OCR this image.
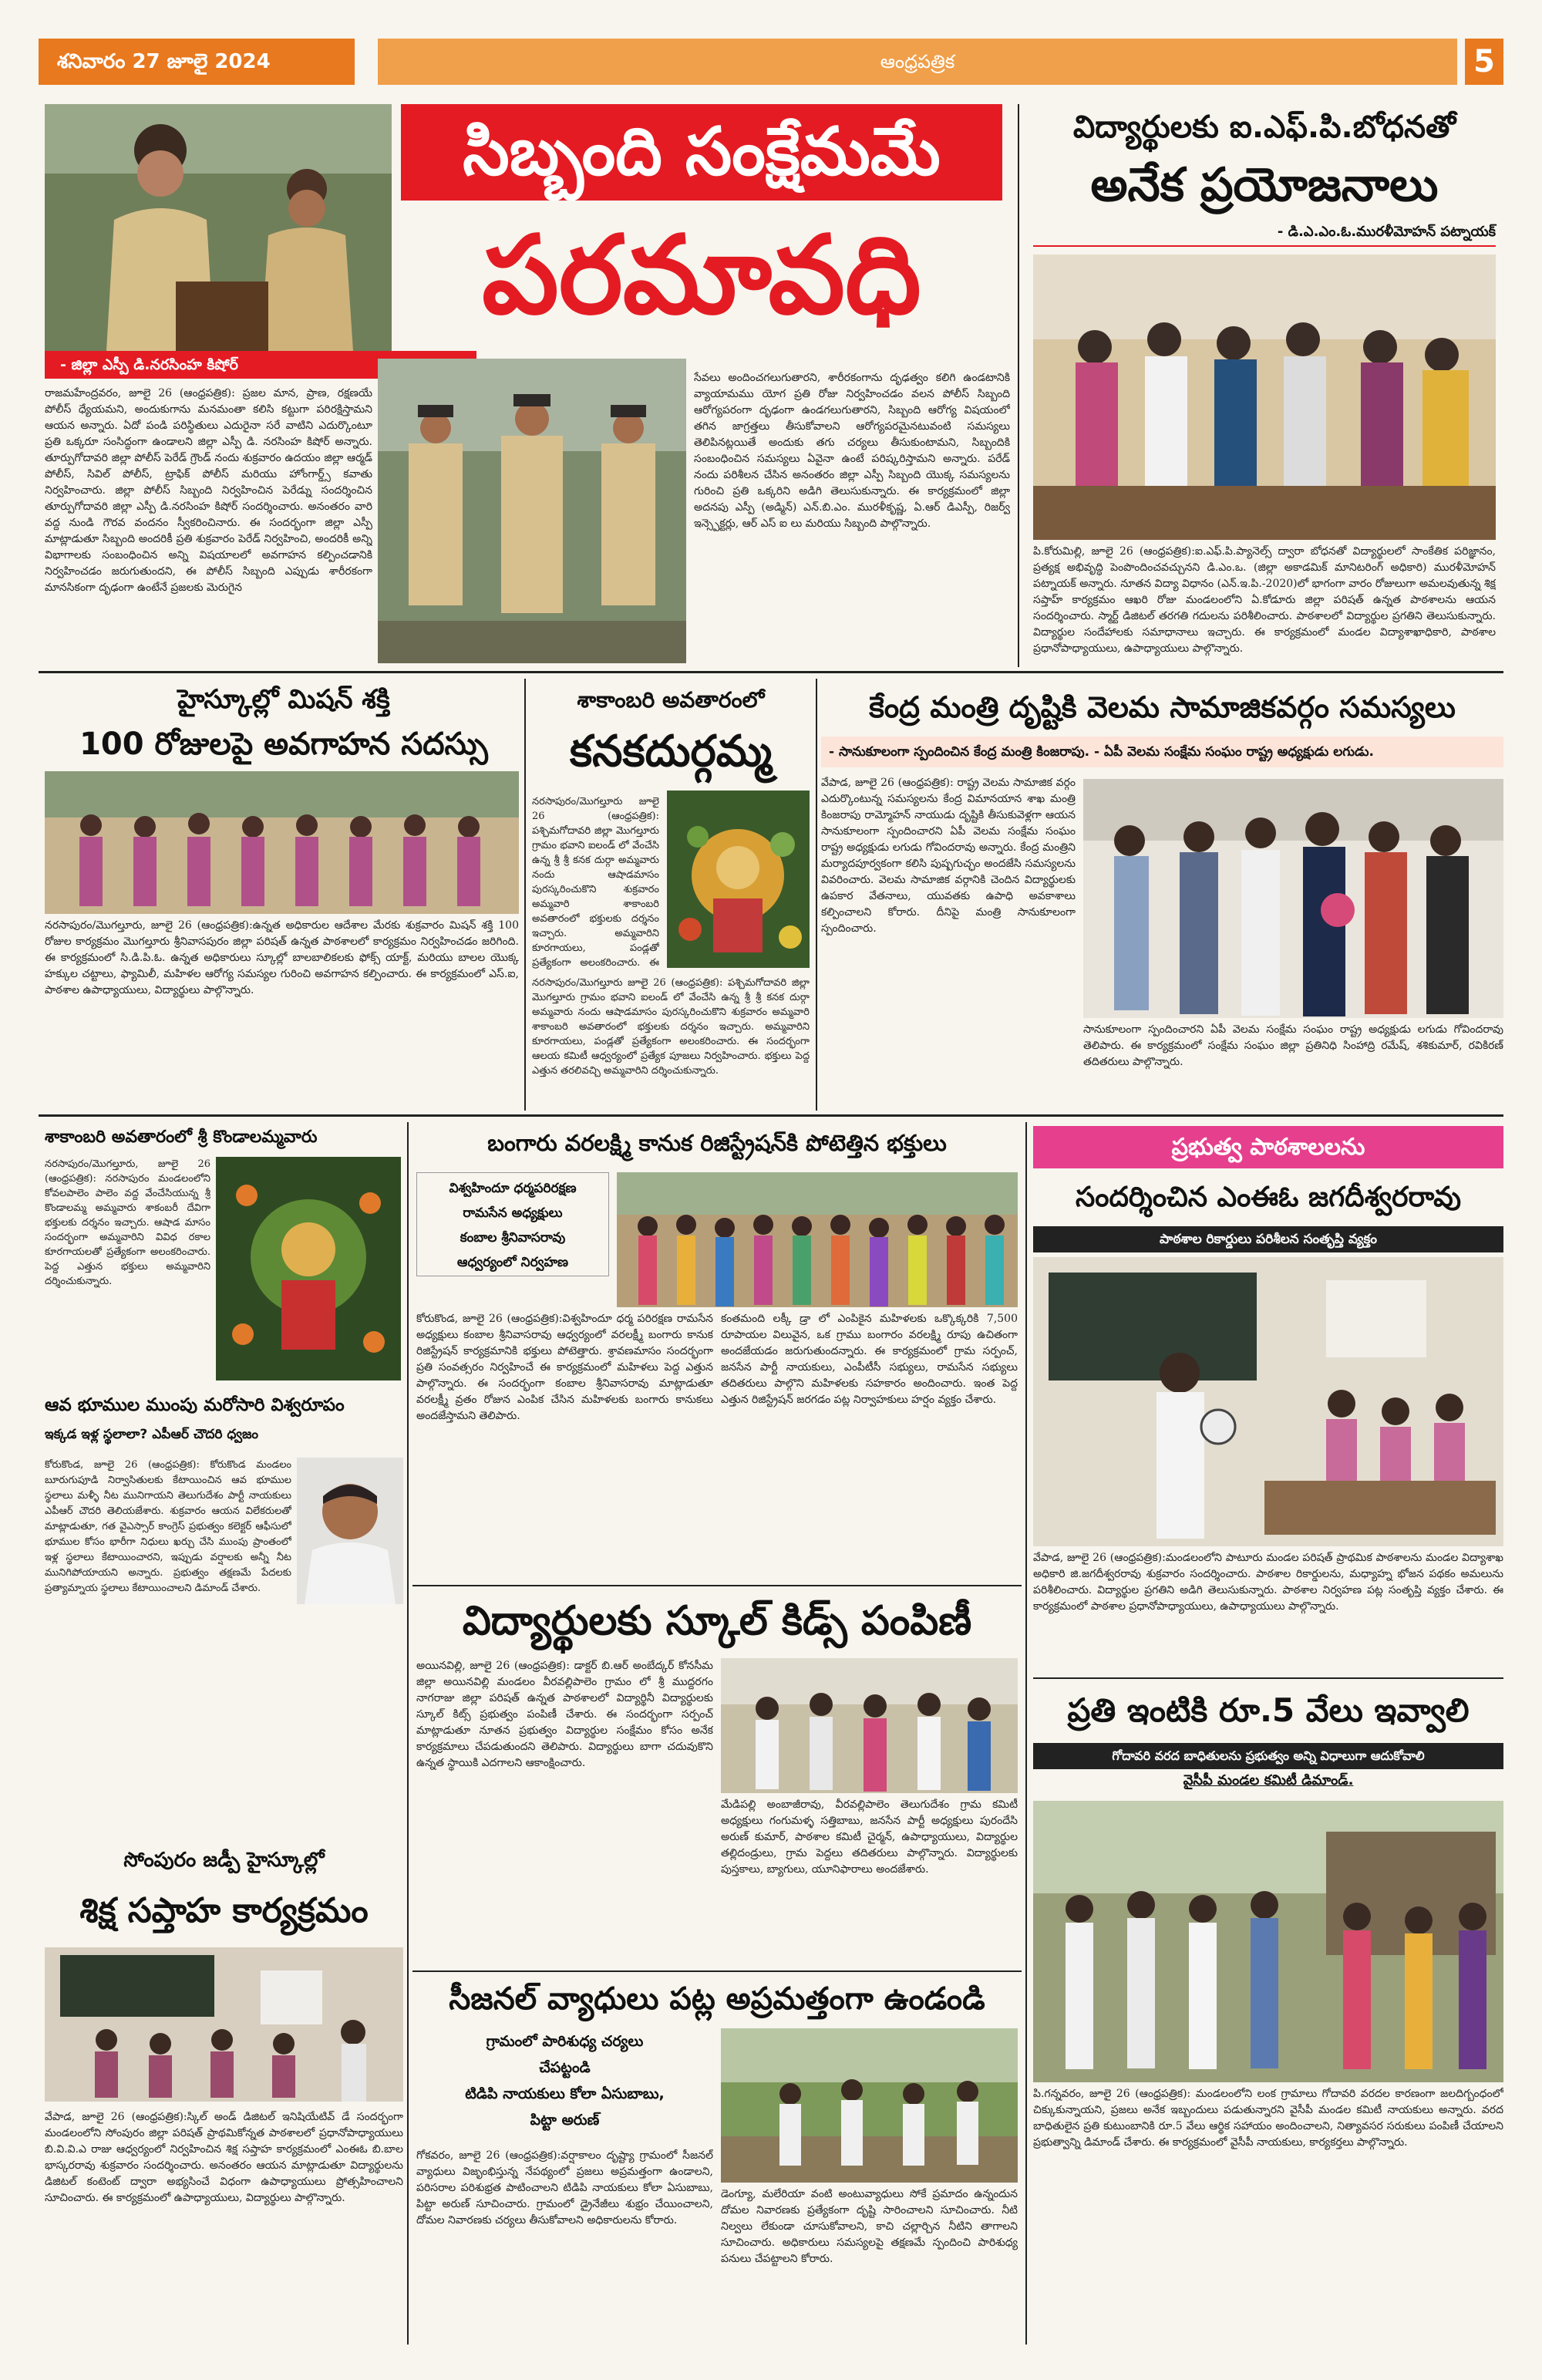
శనివారం 27 జూలై 2024	ఆంధ్రపత్రిక	5
- జిల్లా ఎస్పీ డి.నరసింహ కిషోర్
సిబ్బంది సంక్షేమమే
పరమావధి
రాజమహేంద్రవరం, జూలై 26 (ఆంధ్రపత్రిక): ప్రజల మాన, ప్రాణ, రక్షణయే పోలీస్ ధ్యేయమని, అందుకుగాను మనమంతా కలిసి కట్టుగా పరిరక్షిస్తామని ఆయన అన్నారు. ఏదో పండి పరిస్థితులు ఎదురైనా సరే వాటిని ఎదుర్కొంటూ ప్రతి ఒక్కరూ సంసిద్ధంగా ఉండాలని జిల్లా ఎస్పీ డి. నరసింహ కిషోర్ అన్నారు. తూర్పుగోదావరి జిల్లా పోలీస్ పెరేడ్ గ్రౌండ్ నందు శుక్రవారం ఉదయం జిల్లా ఆర్మడ్ పోలీస్, సివిల్ పోలీస్, ట్రాఫిక్ పోలీస్ మరియు హోంగార్డ్స్ కవాతు నిర్వహించారు. జిల్లా పోలీస్ సిబ్బంది నిర్వహించిన పెరేడ్ను సందర్శించిన తూర్పుగోదావరి జిల్లా ఎస్పీ డి.నరసింహ కిషోర్ సందర్శించారు. అనంతరం వారి వద్ద నుండి గౌరవ వందనం స్వీకరించినారు. ఈ సందర్భంగా జిల్లా ఎస్పీ మాట్లాడుతూ సిబ్బంది అందరికీ ప్రతి శుక్రవారం పెరేడ్ నిర్వహించి, అందరికీ అన్ని విభాగాలకు సంబంధించిన అన్ని విషయాలలో అవగాహన కల్పించడానికి నిర్వహించడం జరుగుతుందని, ఈ పోలీస్ సిబ్బంది ఎప్పుడు శారీరకంగా మానసికంగా దృఢంగా ఉంటేనే ప్రజలకు మెరుగైన
సేవలు అందించగలుగుతారని, శారీరకంగాను దృఢత్వం కలిగి ఉండటానికి వ్యాయామము యోగ ప్రతి రోజు నిర్వహించడం వలన పోలీస్ సిబ్బంది ఆరోగ్యపరంగా దృఢంగా ఉండగలుగుతారని, సిబ్బంది ఆరోగ్య విషయంలో తగిన జాగ్రత్తలు తీసుకోవాలని ఆరోగ్యపరమైనటువంటి సమస్యలు తెలిపినట్లయితే అందుకు తగు చర్యలు తీసుకుంటామని, సిబ్బందికి సంబంధించిన సమస్యలు ఏవైనా ఉంటే పరిష్కరిస్తామని అన్నారు. పరేడ్ నందు పరిశీలన చేసిన అనంతరం జిల్లా ఎస్పీ సిబ్బంది యొక్క సమస్యలను గురించి ప్రతి ఒక్కరిని అడిగి తెలుసుకున్నారు. ఈ కార్యక్రమంలో జిల్లా అదనపు ఎస్పీ (అడ్మిన్) ఎన్.బి.ఎం. మురళీకృష్ణ, ఏ.ఆర్ డిఎస్పీ, రిజర్వ్ ఇన్స్పెక్టర్లు, ఆర్ ఎస్ ఐ లు మరియు సిబ్బంది పాల్గొన్నారు.
విద్యార్థులకు ఐ.ఎఫ్.పి.బోధనతో
అనేక ప్రయోజనాలు
- డి.ఎ.ఎం.ఓ.మురళీమోహన్ పట్నాయక్
పి.కోరుమిల్లి, జూలై 26 (ఆంధ్రపత్రిక):ఐ.ఎఫ్.పి.ప్యానెల్స్ ద్వారా బోధనతో విద్యార్థులలో సాంకేతిక పరిజ్ఞానం, ప్రత్యక్ష అభివృద్ధి పెంపొందించవచ్చునని డి.ఎం.ఒ. (జిల్లా అకాడమిక్ మానిటరింగ్ అధికారి) మురళీమోహన్ పట్నాయక్ అన్నారు. నూతన విద్యా విధానం (ఎన్.ఇ.పి.-2020)లో భాగంగా వారం రోజులుగా అమలవుతున్న శిక్ష సప్తాహ్ కార్యక్రమం ఆఖరి రోజు మండలంలోని ఏ.కోడూరు జిల్లా పరిషత్ ఉన్నత పాఠశాలను ఆయన సందర్శించారు. స్మార్ట్ డిజిటల్ తరగతి గదులను పరిశీలించారు. పాఠశాలలో విద్యార్థుల ప్రగతిని తెలుసుకున్నారు. విద్యార్థుల సందేహాలకు సమాధానాలు ఇచ్చారు. ఈ కార్యక్రమంలో మండల విద్యాశాఖాధికారి, పాఠశాల ప్రధానోపాధ్యాయులు, ఉపాధ్యాయులు పాల్గొన్నారు.
హైస్కూల్లో మిషన్ శక్తి
100 రోజులపై అవగాహన సదస్సు
నరసాపురం/మొగల్తూరు, జూలై 26 (ఆంధ్రపత్రిక):ఉన్నత అధికారుల ఆదేశాల మేరకు శుక్రవారం మిషన్ శక్తి 100 రోజుల కార్యక్రమం మొగల్తూరు శ్రీనివాసపురం జిల్లా పరిషత్ ఉన్నత పాఠశాలలో కార్యక్రమం నిర్వహించడం జరిగింది. ఈ కార్యక్రమంలో సి.డి.పి.ఓ. ఉన్నత అధికారులు స్కూల్లో బాలబాలికలకు ఫోక్స్ యాక్ట్, మరియు బాలల యొక్క హక్కుల చట్టాలు, ఫ్యామిలీ, మహిళల ఆరోగ్య సమస్యల గురించి అవగాహన కల్పించారు. ఈ కార్యక్రమంలో ఎస్.ఐ, పాఠశాల ఉపాధ్యాయులు, విద్యార్థులు పాల్గొన్నారు.
శాకాంబరి అవతారంలో
కనకదుర్గమ్మ
నరసాపురం/మొగల్తూరు జూలై 26 (ఆంధ్రపత్రిక): పశ్చిమగోదావరి జిల్లా మొగల్తూరు గ్రామం భవాని ఐలండ్ లో వేంచేసి ఉన్న శ్రీ శ్రీ కనక దుర్గా అమ్మవారు నందు ఆషాడమాసం పురస్కరించుకొని శుక్రవారం అమ్మవారి శాకాంబరి అవతారంలో భక్తులకు దర్శనం ఇచ్చారు. అమ్మవారిని కూరగాయలు, పండ్లతో ప్రత్యేకంగా అలంకరించారు. ఈ
నరసాపురం/మొగల్తూరు జూలై 26 (ఆంధ్రపత్రిక): పశ్చిమగోదావరి జిల్లా మొగల్తూరు గ్రామం భవాని ఐలండ్ లో వేంచేసి ఉన్న శ్రీ శ్రీ కనక దుర్గా అమ్మవారు నందు ఆషాడమాసం పురస్కరించుకొని శుక్రవారం అమ్మవారి శాకాంబరి అవతారంలో భక్తులకు దర్శనం ఇచ్చారు. అమ్మవారిని కూరగాయలు, పండ్లతో ప్రత్యేకంగా అలంకరించారు. ఈ సందర్భంగా ఆలయ కమిటీ ఆధ్వర్యంలో ప్రత్యేక పూజలు నిర్వహించారు. భక్తులు పెద్ద ఎత్తున తరలివచ్చి అమ్మవారిని దర్శించుకున్నారు.
కేంద్ర మంత్రి దృష్టికి వెలమ సామాజికవర్గం సమస్యలు
- సానుకూలంగా స్పందించిన కేంద్ర మంత్రి కింజరాపు. - ఏపీ వెలమ సంక్షేమ సంఘం రాష్ట్ర అధ్యక్షుడు లగుడు.
వేపాడ, జూలై 26 (ఆంధ్రపత్రిక): రాష్ట్ర వెలమ సామాజిక వర్గం ఎదుర్కొంటున్న సమస్యలను కేంద్ర విమానయాన శాఖ మంత్రి కింజరాపు రామ్మోహన్ నాయుడు దృష్టికి తీసుకువెళ్లగా ఆయన సానుకూలంగా స్పందించారని ఏపీ వెలమ సంక్షేమ సంఘం రాష్ట్ర అధ్యక్షుడు లగుడు గోవిందరావు అన్నారు. కేంద్ర మంత్రిని మర్యాదపూర్వకంగా కలిసి పుష్పగుచ్ఛం అందజేసి సమస్యలను వివరించారు. వెలమ సామాజిక వర్గానికి చెందిన విద్యార్థులకు ఉపకార వేతనాలు, యువతకు ఉపాధి అవకాశాలు కల్పించాలని కోరారు. దీనిపై మంత్రి సానుకూలంగా స్పందించారు.
సానుకూలంగా స్పందించారని ఏపీ వెలమ సంక్షేమ సంఘం రాష్ట్ర అధ్యక్షుడు లగుడు గోవిందరావు తెలిపారు. ఈ కార్యక్రమంలో సంక్షేమ సంఘం జిల్లా ప్రతినిధి సింహాద్రి రమేష్, శశికుమార్, రవికిరణ్ తదితరులు పాల్గొన్నారు.
శాకాంబరి అవతారంలో శ్రీ కొండాలమ్మవారు
నరసాపురం/మొగల్తూరు, జూలై 26 (ఆంధ్రపత్రిక): నరసాపురం మండలంలోని కోవలపాలెం పాలెం వద్ద వేంచేసియున్న శ్రీ కొండాలమ్మ అమ్మవారు శాకంబరీ దేవిగా భక్తులకు దర్శనం ఇచ్చారు. ఆషాడ మాసం సందర్భంగా అమ్మవారిని వివిధ రకాల కూరగాయలతో ప్రత్యేకంగా అలంకరించారు. పెద్ద ఎత్తున భక్తులు అమ్మవారిని దర్శించుకున్నారు.
ఆవ భూముల ముంపు మరోసారి విశ్వరూపం
ఇక్కడ ఇళ్ల స్థలాలా? ఎపీఆర్ చౌదరి ధ్వజం
కోరుకొండ, జూలై 26 (ఆంధ్రపత్రిక): కోరుకొండ మండలం బూరుగుపూడి నిర్వాసితులకు కేటాయించిన ఆవ భూముల స్థలాలు మళ్ళీ నీట మునిగాయని తెలుగుదేశం పార్టీ నాయకులు ఎపీఆర్ చౌదరి తెలియజేశారు. శుక్రవారం ఆయన విలేకరులతో మాట్లాడుతూ, గత వైఎస్సార్ కాంగ్రెస్ ప్రభుత్వం కలెక్టర్ ఆఫీసులో భూముల కోసం భారీగా నిధులు ఖర్చు చేసి ముంపు ప్రాంతంలో ఇళ్ల స్థలాలు కేటాయించారని, ఇప్పుడు వర్షాలకు అన్నీ నీట మునిగిపోయాయని అన్నారు. ప్రభుత్వం తక్షణమే పేదలకు ప్రత్యామ్నాయ స్థలాలు కేటాయించాలని డిమాండ్ చేశారు.
సోంపురం జడ్పీ హైస్కూల్లో
శిక్ష సప్తాహ కార్యక్రమం
వేపాడ, జూలై 26 (ఆంధ్రపత్రిక):స్కిల్ అండ్ డిజిటల్ ఇనిషియేటివ్ డే సందర్భంగా మండలంలోని సోంపురం జిల్లా పరిషత్ ప్రాథమికోన్నత పాఠశాలలో ప్రధానోపాధ్యాయులు బి.వి.వి.ఎ రాజు ఆధ్వర్యంలో నిర్వహించిన శిక్ష సప్తాహ కార్యక్రమంలో ఎంఈఓ బి.బాల భాస్కరరావు శుక్రవారం సందర్శించారు. అనంతరం ఆయన మాట్లాడుతూ విద్యార్థులను డిజిటల్ కంటెంట్ ద్వారా అభ్యసించే విధంగా ఉపాధ్యాయులు ప్రోత్సహించాలని సూచించారు. ఈ కార్యక్రమంలో ఉపాధ్యాయులు, విద్యార్థులు పాల్గొన్నారు.
బంగారు వరలక్ష్మి కానుక రిజిస్ట్రేషన్‌కి పోటెత్తిన భక్తులు
విశ్వహిందూ ధర్మపరిరక్షణ
రామసేన అధ్యక్షులు
కంబాల శ్రీనివాసరావు
ఆధ్వర్యంలో నిర్వహణ
కోరుకొండ, జూలై 26 (ఆంధ్రపత్రిక):విశ్వహిందూ ధర్మ పరిరక్షణ రామసేన అధ్యక్షులు కంబాల శ్రీనివాసరావు ఆధ్వర్యంలో వరలక్ష్మీ బంగారు కానుక రిజిస్ట్రేషన్ కార్యక్రమానికి భక్తులు పోటెత్తారు. శ్రావణమాసం సందర్భంగా ప్రతి సంవత్సరం నిర్వహించే ఈ కార్యక్రమంలో మహిళలు పెద్ద ఎత్తున పాల్గొన్నారు. ఈ సందర్భంగా కంబాల శ్రీనివాసరావు మాట్లాడుతూ వరలక్ష్మీ వ్రతం రోజున ఎంపిక చేసిన మహిళలకు బంగారు కానుకలు అందజేస్తామని తెలిపారు.
కంతమంది లక్కీ డ్రా లో ఎంపికైన మహిళలకు ఒక్కొక్కరికి 7,500 రూపాయల విలువైన, ఒక గ్రాము బంగారం వరలక్ష్మి రూపు ఉచితంగా అందజేయడం జరుగుతుందన్నారు. ఈ కార్యక్రమంలో గ్రామ సర్పంచ్, జనసేన పార్టీ నాయకులు, ఎంపీటీసీ సభ్యులు, రామసేన సభ్యులు తదితరులు పాల్గొని మహిళలకు సహకారం అందించారు. ఇంత పెద్ద ఎత్తున రిజిస్ట్రేషన్ జరగడం పట్ల నిర్వాహకులు హర్షం వ్యక్తం చేశారు.
విద్యార్థులకు స్కూల్ కిడ్స్ పంపిణీ
అయినవిల్లి, జూలై 26 (ఆంధ్రపత్రిక): డాక్టర్ బి.ఆర్ అంబేద్కర్ కోనసీమ జిల్లా అయినవిల్లి మండలం వీరవల్లిపాలెం గ్రామం లో శ్రీ ముద్దరగం నాగరాజు జిల్లా పరిషత్ ఉన్నత పాఠశాలలో విద్యార్థినీ విద్యార్థులకు స్కూల్ కిట్స్ ప్రభుత్వం పంపిణీ చేశారు. ఈ సందర్భంగా సర్పంచ్ మాట్లాడుతూ నూతన ప్రభుత్వం విద్యార్థుల సంక్షేమం కోసం అనేక కార్యక్రమాలు చేపడుతుందని తెలిపారు. విద్యార్థులు బాగా చదువుకొని ఉన్నత స్థాయికి ఎదగాలని ఆకాంక్షించారు.
మేడిపల్లి అంబాజీరావు, వీరవల్లిపాలెం తెలుగుదేశం గ్రామ కమిటీ అధ్యక్షులు గంగుమళ్ళ సత్తిబాబు, జనసేన పార్టీ అధ్యక్షులు పురందేసి అరుణ్ కుమార్, పాఠశాల కమిటీ చైర్మన్, ఉపాధ్యాయులు, విద్యార్థుల తల్లిదండ్రులు, గ్రామ పెద్దలు తదితరులు పాల్గొన్నారు. విద్యార్థులకు పుస్తకాలు, బ్యాగులు, యూనిఫారాలు అందజేశారు.
సీజనల్ వ్యాధులు పట్ల అప్రమత్తంగా ఉండండి
గ్రామంలో పారిశుధ్య చర్యలు
చేపట్టండి
టిడిపి నాయకులు కోలా ఏసుబాబు,
పిట్టా అరుణ్
గోకవరం, జూలై 26 (ఆంధ్రపత్రిక):వర్షాకాలం దృష్ట్యా గ్రామంలో సీజనల్ వ్యాధులు విజృంభిస్తున్న నేపథ్యంలో ప్రజలు అప్రమత్తంగా ఉండాలని, పరిసరాల పరిశుభ్రత పాటించాలని టిడిపి నాయకులు కోలా ఏసుబాబు, పిట్టా అరుణ్ సూచించారు. గ్రామంలో డ్రైనేజీలు శుభ్రం చేయించాలని, దోమల నివారణకు చర్యలు తీసుకోవాలని అధికారులను కోరారు.
డెంగ్యూ, మలేరియా వంటి అంటువ్యాధులు సోకే ప్రమాదం ఉన్నందున దోమల నివారణకు ప్రత్యేకంగా దృష్టి సారించాలని సూచించారు. నీటి నిల్వలు లేకుండా చూసుకోవాలని, కాచి చల్లార్చిన నీటిని తాగాలని సూచించారు. అధికారులు సమస్యలపై తక్షణమే స్పందించి పారిశుధ్య పనులు చేపట్టాలని కోరారు.
ప్రభుత్వ పాఠశాలలను
సందర్శించిన ఎంఈఓ జగదీశ్వరరావు
పాఠశాల రికార్డులు పరిశీలన సంతృప్తి వ్యక్తం
వేపాడ, జూలై 26 (ఆంధ్రపత్రిక):మండలంలోని పాటూరు మండల పరిషత్ ప్రాథమిక పాఠశాలను మండల విద్యాశాఖ అధికారి జి.జగదీశ్వరరావు శుక్రవారం సందర్శించారు. పాఠశాల రికార్డులను, మధ్యాహ్న భోజన పథకం అమలును పరిశీలించారు. విద్యార్థుల ప్రగతిని అడిగి తెలుసుకున్నారు. పాఠశాల నిర్వహణ పట్ల సంతృప్తి వ్యక్తం చేశారు. ఈ కార్యక్రమంలో పాఠశాల ప్రధానోపాధ్యాయులు, ఉపాధ్యాయులు పాల్గొన్నారు.
ప్రతి ఇంటికి రూ.5 వేలు ఇవ్వాలి
గోదావరి వరద బాధితులను ప్రభుత్వం అన్ని విధాలుగా ఆదుకోవాలి
వైసీపీ మండల కమిటీ డిమాండ్.
పి.గన్నవరం, జూలై 26 (ఆంధ్రపత్రిక): మండలంలోని లంక గ్రామాలు గోదావరి వరదల కారణంగా జలదిగ్బంధంలో చిక్కుకున్నాయని, ప్రజలు అనేక ఇబ్బందులు పడుతున్నారని వైసీపీ మండల కమిటీ నాయకులు అన్నారు. వరద బాధితులైన ప్రతి కుటుంబానికి రూ.5 వేలు ఆర్థిక సహాయం అందించాలని, నిత్యావసర సరుకులు పంపిణీ చేయాలని ప్రభుత్వాన్ని డిమాండ్ చేశారు. ఈ కార్యక్రమంలో వైసీపీ నాయకులు, కార్యకర్తలు పాల్గొన్నారు.
